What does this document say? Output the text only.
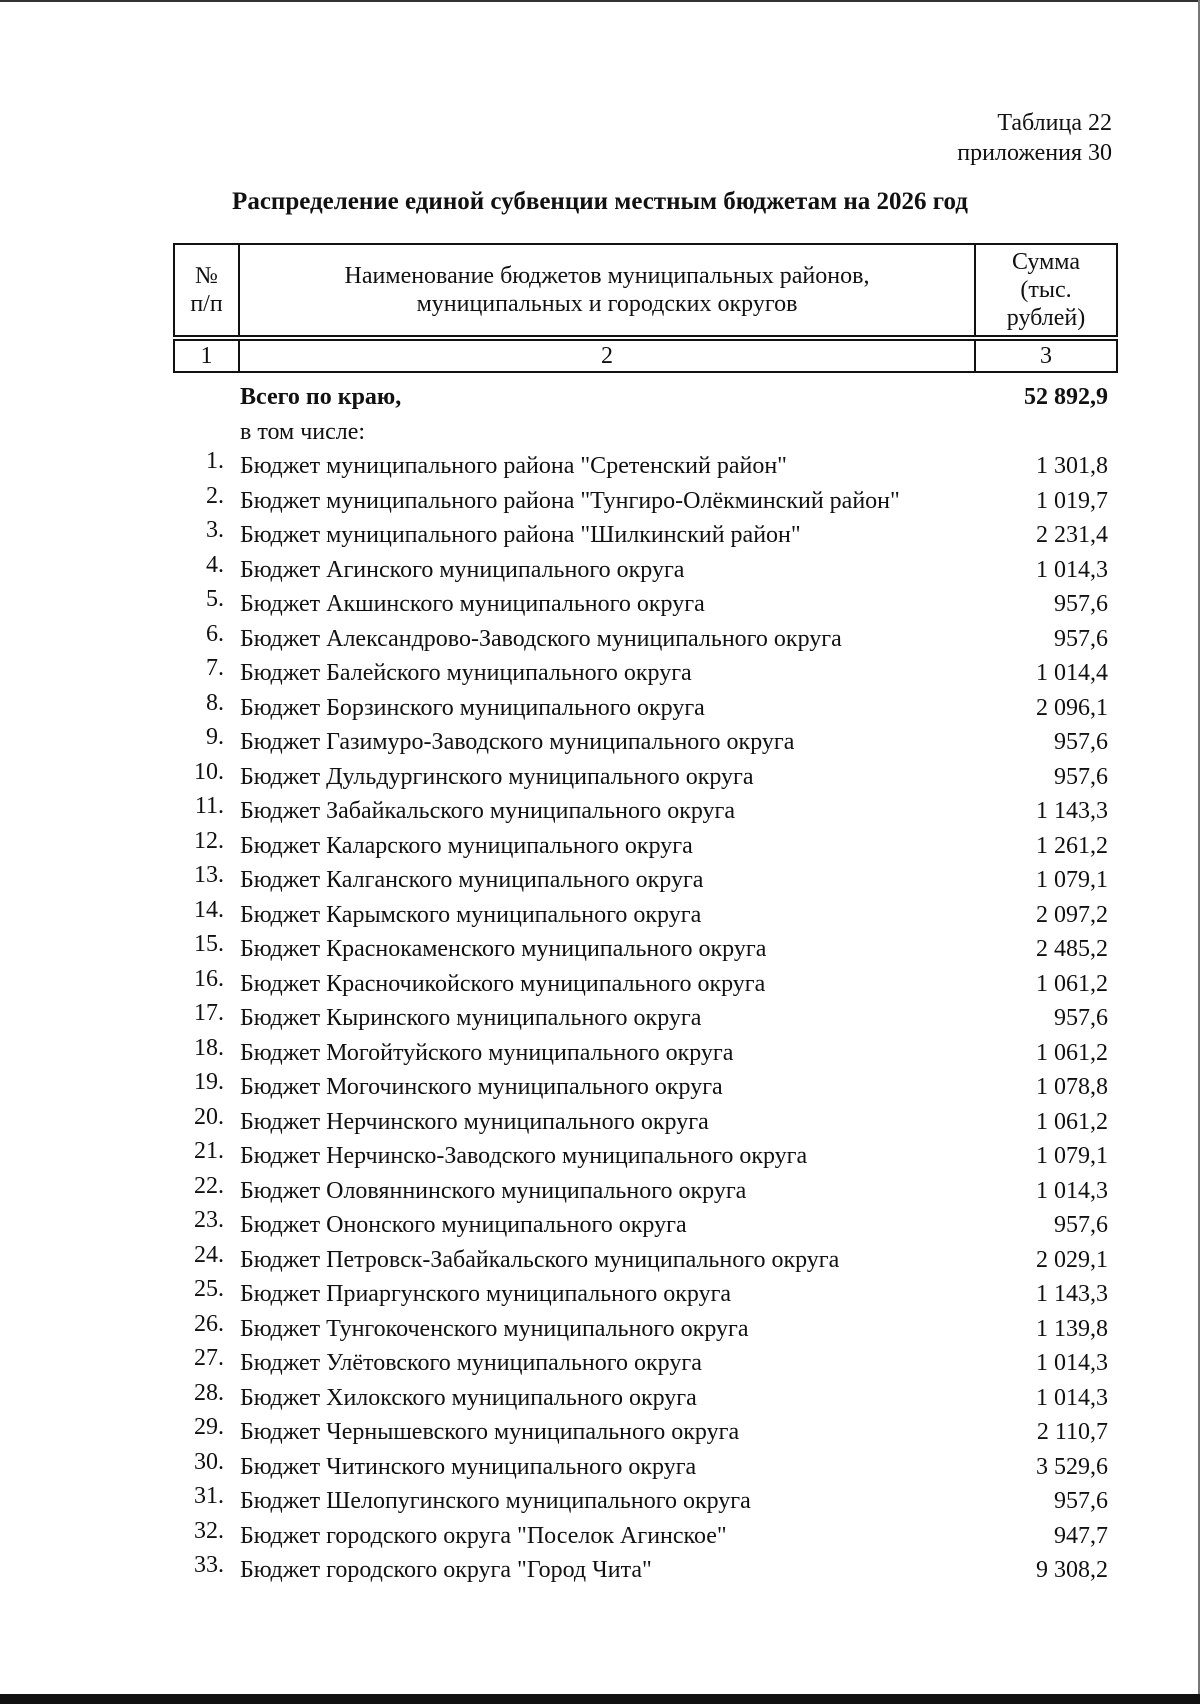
Таблица 22
приложения 30
Распределение единой субвенции местным бюджетам на 2026 год
№ п/п

Наименование бюджетов муниципальных районов, муниципальных и городских округов

Сумма (тыс. рублей)
1	2	3
Всего по краю,	52 892,9
в том числе:
1. Бюджет муниципального района "Сретенский район"	1 301,8
2. Бюджет муниципального района "Тунгиро-Олёкминский район"	1 019,7
3. Бюджет муниципального района "Шилкинский район"	2 231,4
4. Бюджет Агинского муниципального округа	1 014,3
5. Бюджет Акшинского муниципального округа	957,6
6. Бюджет Александрово-Заводского муниципального округа	957,6
7. Бюджет Балейского муниципального округа	1 014,4
8. Бюджет Борзинского муниципального округа	2 096,1
9. Бюджет Газимуро-Заводского муниципального округа	957,6
10. Бюджет Дульдургинского муниципального округа	957,6
11. Бюджет Забайкальского муниципального округа	1 143,3
12. Бюджет Каларского муниципального округа	1 261,2
13. Бюджет Калганского муниципального округа	1 079,1
14. Бюджет Карымского муниципального округа	2 097,2
15. Бюджет Краснокаменского муниципального округа	2 485,2
16. Бюджет Красночикойского муниципального округа	1 061,2
17. Бюджет Кыринского муниципального округа	957,6
18. Бюджет Могойтуйского муниципального округа	1 061,2
19. Бюджет Могочинского муниципального округа	1 078,8
20. Бюджет Нерчинского муниципального округа	1 061,2
21. Бюджет Нерчинско-Заводского муниципального округа	1 079,1
22. Бюджет Оловяннинского муниципального округа	1 014,3
23. Бюджет Ононского муниципального округа	957,6
24. Бюджет Петровск-Забайкальского муниципального округа	2 029,1
25. Бюджет Приаргунского муниципального округа	1 143,3
26. Бюджет Тунгокоченского муниципального округа	1 139,8
27. Бюджет Улётовского муниципального округа	1 014,3
28. Бюджет Хилокского муниципального округа	1 014,3
29. Бюджет Чернышевского муниципального округа	2 110,7
30. Бюджет Читинского муниципального округа	3 529,6
31. Бюджет Шелопугинского муниципального округа	957,6
32. Бюджет городского округа "Поселок Агинское"	947,7
33. Бюджет городского округа "Город Чита"	9 308,2
